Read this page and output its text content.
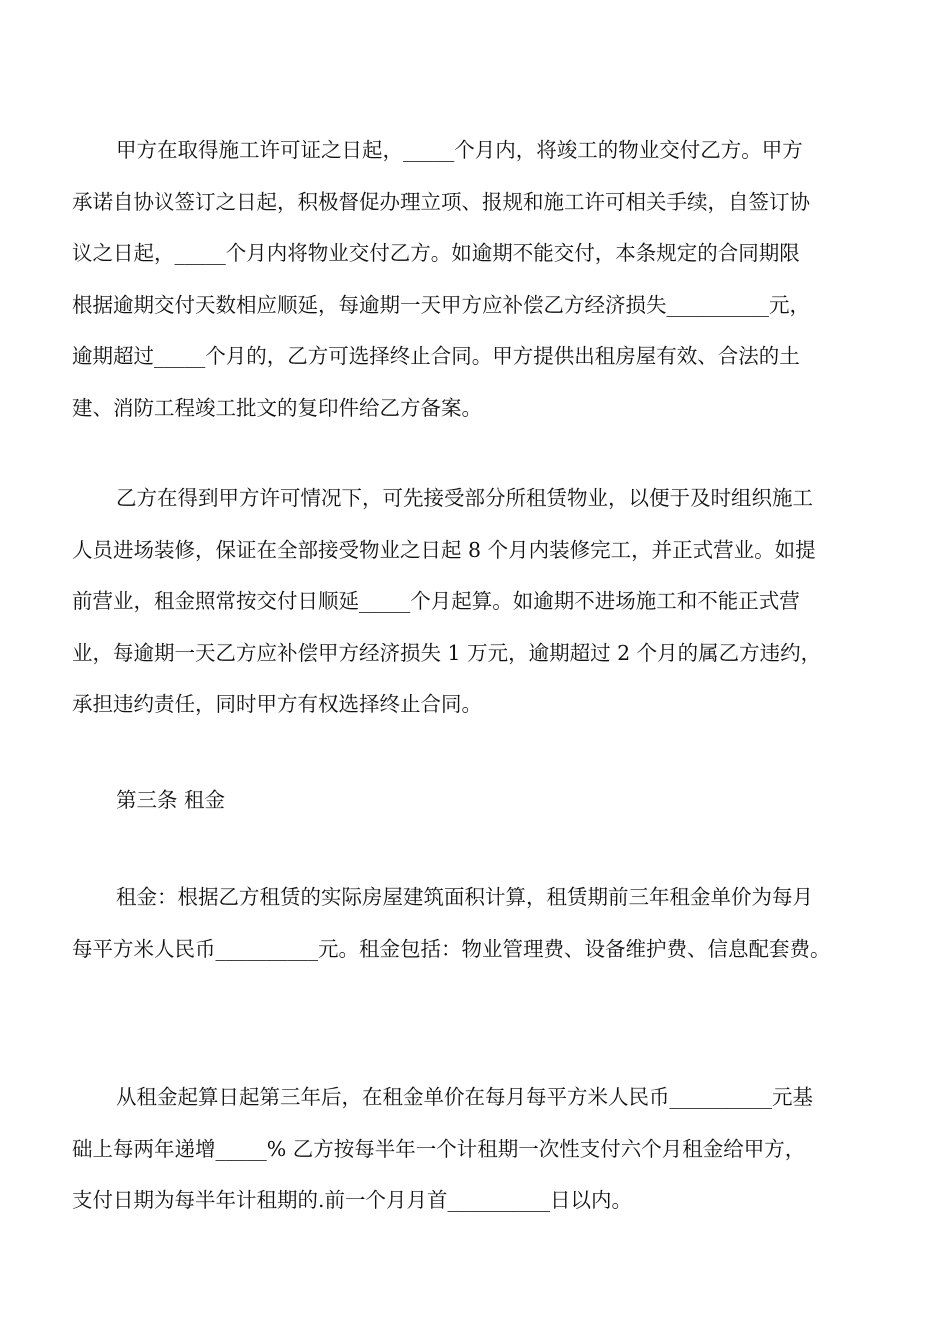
甲方在取得施工许可证之日起，_____个月内，将竣工的物业交付乙方。甲方
承诺自协议签订之日起，积极督促办理立项、报规和施工许可相关手续，自签订协
议之日起，_____个月内将物业交付乙方。如逾期不能交付，本条规定的合同期限
根据逾期交付天数相应顺延，每逾期一天甲方应补偿乙方经济损失__________元，
逾期超过_____个月的，乙方可选择终止合同。甲方提供出租房屋有效、合法的土
建、消防工程竣工批文的复印件给乙方备案。
乙方在得到甲方许可情况下，可先接受部分所租赁物业，以便于及时组织施工
人员进场装修，保证在全部接受物业之日起 8 个月内装修完工，并正式营业。如提
前营业，租金照常按交付日顺延_____个月起算。如逾期不进场施工和不能正式营
业，每逾期一天乙方应补偿甲方经济损失 1 万元，逾期超过 2 个月的属乙方违约，
承担违约责任，同时甲方有权选择终止合同。
第三条 租金
租金：根据乙方租赁的实际房屋建筑面积计算，租赁期前三年租金单价为每月
每平方米人民币__________元。租金包括：物业管理费、设备维护费、信息配套费。
从租金起算日起第三年后，在租金单价在每月每平方米人民币__________元基
础上每两年递增_____% 乙方按每半年一个计租期一次性支付六个月租金给甲方，
支付日期为每半年计租期的.前一个月月首__________日以内。
